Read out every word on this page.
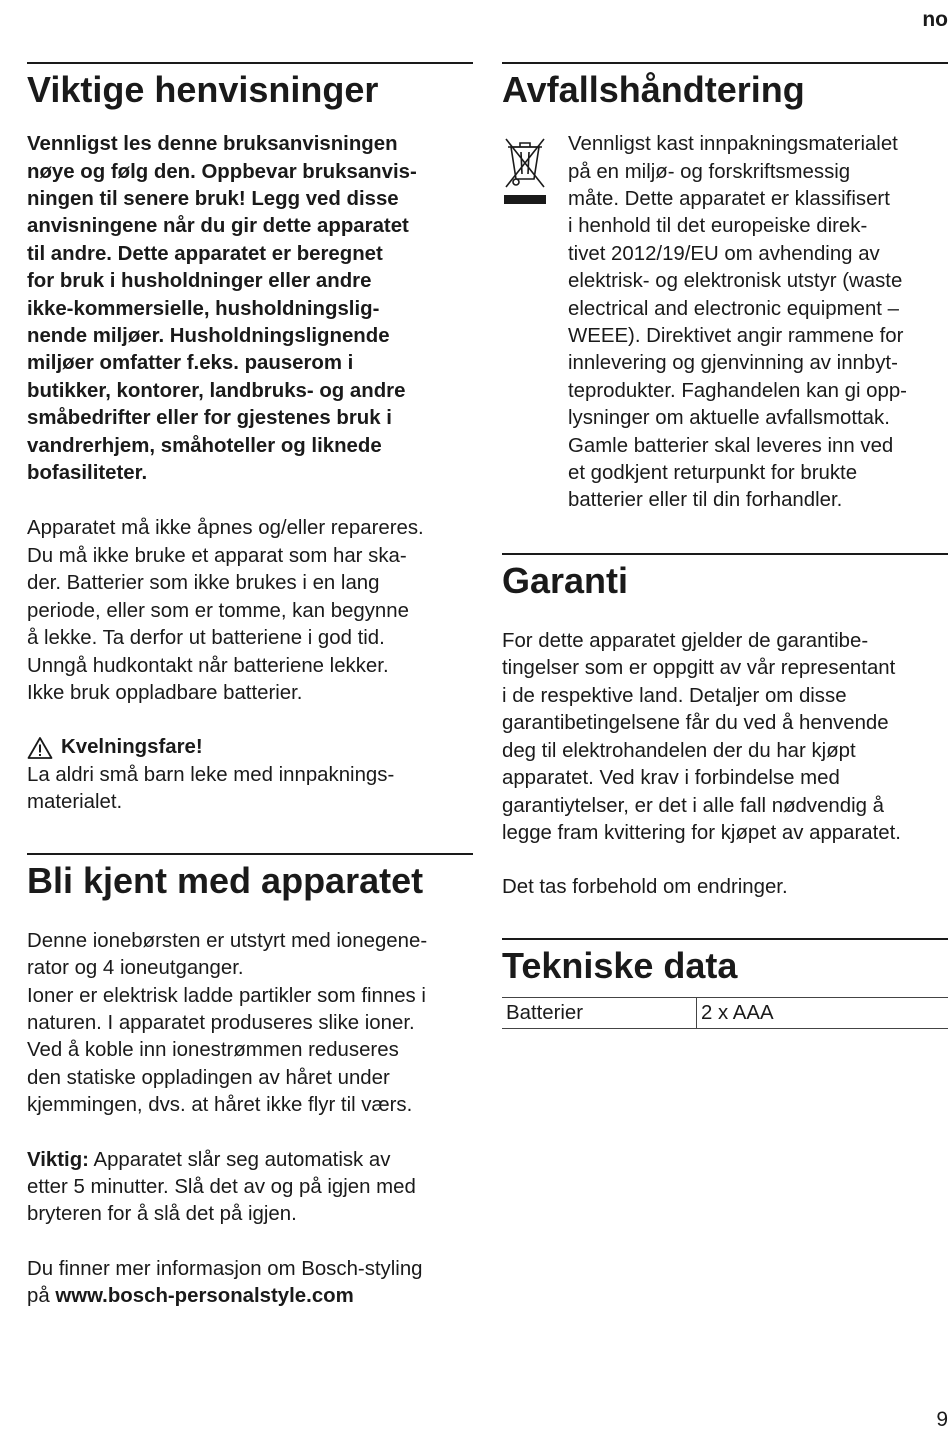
no
Viktige henvisninger

Vennligst les denne bruksanvisningen
nøye og følg den. Oppbevar bruksanvis-
ningen til senere bruk! Legg ved disse
anvisningene når du gir dette apparatet
til andre. Dette apparatet er beregnet
for bruk i husholdninger eller andre
ikke-kommersielle, husholdningslig-
nende miljøer. Husholdningslignende
miljøer omfatter f.eks. pauserom i
butikker, kontorer, landbruks- og andre
småbedrifter eller for gjestenes bruk i
vandrerhjem, småhoteller og liknede
bofasiliteter.

Apparatet må ikke åpnes og/eller repareres.
Du må ikke bruke et apparat som har ska-
der. Batterier som ikke brukes i en lang
periode, eller som er tomme, kan begynne
å lekke. Ta derfor ut batteriene i god tid.
Unngå hudkontakt når batteriene lekker.
Ikke bruk oppladbare batterier.

Kvelningsfare!

La aldri små barn leke med innpaknings-
materialet.

Bli kjent med apparatet

Denne ionebørsten er utstyrt med ionegene-
rator og 4 ioneutganger.
Ioner er elektrisk ladde partikler som finnes i
naturen. I apparatet produseres slike ioner.
Ved å koble inn ionestrømmen reduseres
den statiske oppladingen av håret under
kjemmingen, dvs. at håret ikke flyr til værs.

Viktig: Apparatet slår seg automatisk av
etter 5 minutter. Slå det av og på igjen med
bryteren for å slå det på igjen.

Du finner mer informasjon om Bosch-styling
på www.bosch-personalstyle.com

Avfallshåndtering

Vennligst kast innpakningsmaterialet
på en miljø- og forskriftsmessig
måte. Dette apparatet er klassifisert
i henhold til det europeiske direk-
tivet 2012/19/EU om avhending av
elektrisk- og elektronisk utstyr (waste
electrical and electronic equipment –
WEEE). Direktivet angir rammene for
innlevering og gjenvinning av innbyt-
teprodukter. Faghandelen kan gi opp-
lysninger om aktuelle avfallsmottak.
Gamle batterier skal leveres inn ved
et godkjent returpunkt for brukte
batterier eller til din forhandler.

Garanti

For dette apparatet gjelder de garantibe-
tingelser som er oppgitt av vår representant
i de respektive land. Detaljer om disse
garantibetingelsene får du ved å henvende
deg til elektrohandelen der du har kjøpt
apparatet. Ved krav i forbindelse med
garantiytelser, er det i alle fall nødvendig å
legge fram kvittering for kjøpet av apparatet.

Det tas forbehold om endringer.

Tekniske data
Batterier	2 x AAA
9
